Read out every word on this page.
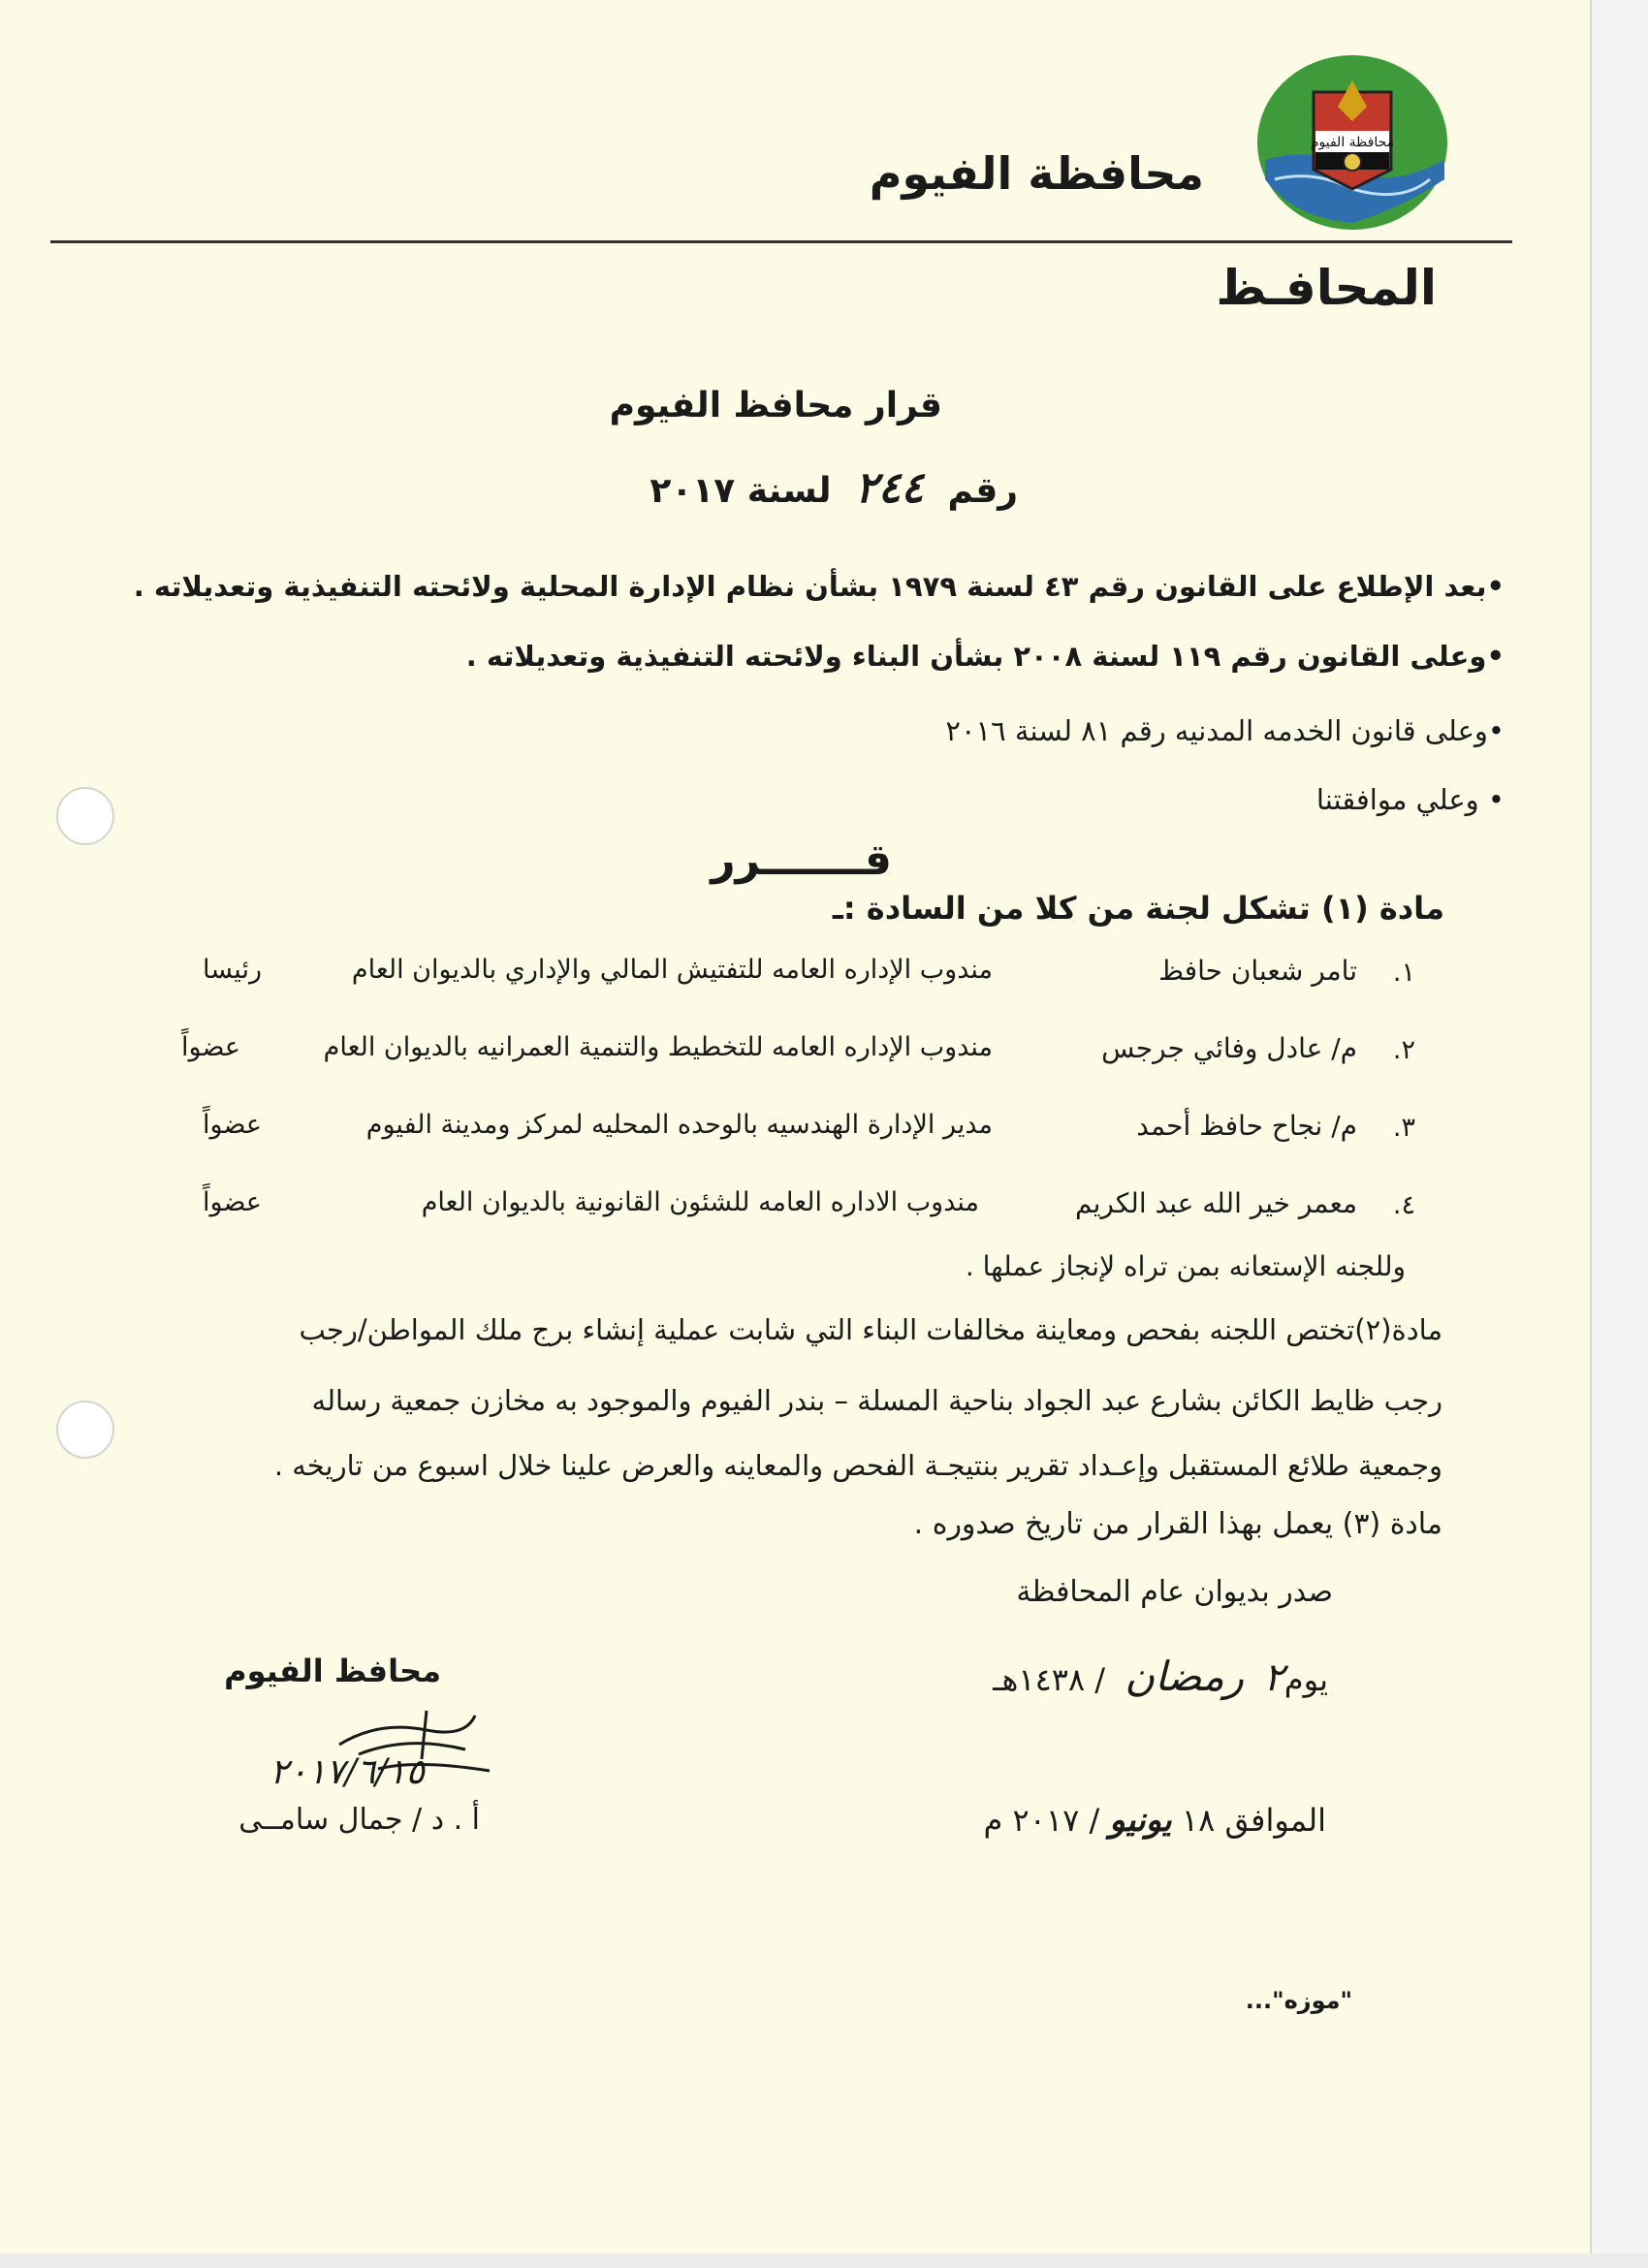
محافظة الفيوم
محافظة الفيوم
المحافـظ
قرار محافظ الفيوم
رقم ٢٤٤ لسنة ٢٠١٧
•بعد الإطلاع على القانون رقم ٤٣ لسنة ١٩٧٩ بشأن نظام الإدارة المحلية ولائحته التنفيذية وتعديلاته .
•وعلى القانون رقم ١١٩ لسنة ٢٠٠٨ بشأن البناء ولائحته التنفيذية وتعديلاته .
•وعلى قانون الخدمه المدنيه رقم ٨١ لسنة ٢٠١٦
• وعلي موافقتنا
قـــــــرر
مادة (١) تشكل لجنة من كلا من السادة :ـ
١.
تامر شعبان حافظ
مندوب الإداره العامه للتفتيش المالي والإداري بالديوان العام
رئيسا
٢.
م/ عادل وفائي جرجس
مندوب الإداره العامه للتخطيط والتنمية العمرانيه بالديوان العام
عضواً
٣.
م/ نجاح حافظ أحمد
مدير الإدارة الهندسيه بالوحده المحليه لمركز ومدينة الفيوم
عضواً
٤.
معمر خير الله عبد الكريم
مندوب الاداره العامه للشئون القانونية بالديوان العام
عضواً
وللجنه الإستعانه بمن تراه لإنجاز عملها .
مادة(٢)تختص اللجنه بفحص ومعاينة مخالفات البناء التي شابت عملية إنشاء برج ملك المواطن/رجب
رجب ظايط الكائن بشارع عبد الجواد بناحية المسلة – بندر الفيوم والموجود به مخازن جمعية رساله
وجمعية طلائع المستقبل وإعـداد تقرير بنتيجـة الفحص والمعاينه والعرض علينا خلال اسبوع من تاريخه .
مادة (٣) يعمل بهذا القرار من تاريخ صدوره .
صدر بديوان عام المحافظة
يوم٢ رمضان / ١٤٣٨هـ
الموافق ١٨ يونيو / ٢٠١٧ م
محافظ الفيوم
٢٠١٧/٦/١٥
أ . د / جمال سامــى
"موزه"...
